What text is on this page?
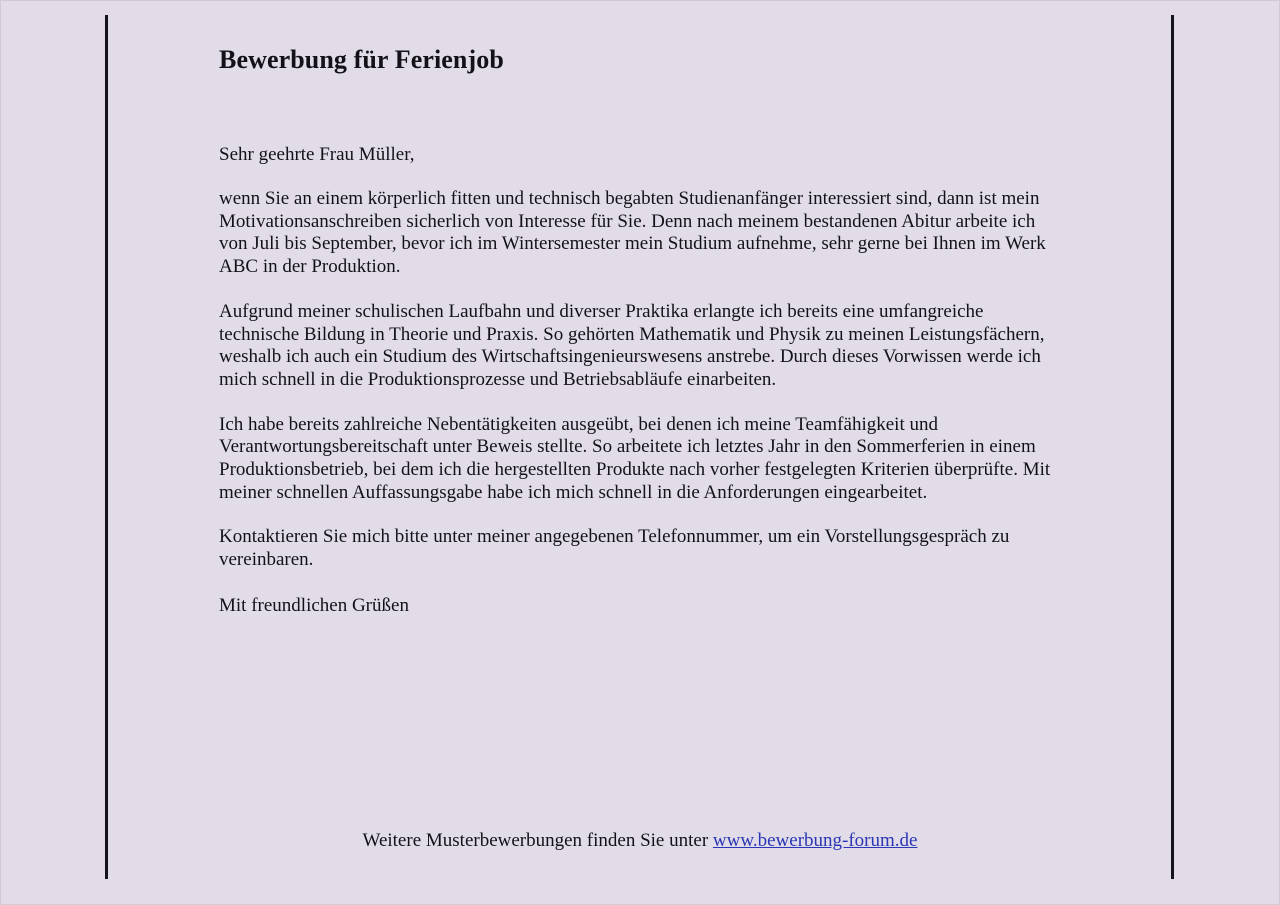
Bewerbung für Ferienjob
Sehr geehrte Frau Müller,

wenn Sie an einem körperlich fitten und technisch begabten Studienanfänger interessiert sind, dann ist mein Motivationsanschreiben sicherlich von Interesse für Sie. Denn nach meinem bestandenen Abitur arbeite ich von Juli bis September, bevor ich im Wintersemester mein Studium aufnehme, sehr gerne bei Ihnen im Werk ABC in der Produktion.

Aufgrund meiner schulischen Laufbahn und diverser Praktika erlangte ich bereits eine umfangreiche technische Bildung in Theorie und Praxis. So gehörten Mathematik und Physik zu meinen Leistungsfächern, weshalb ich auch ein Studium des Wirtschaftsingenieurswesens anstrebe. Durch dieses Vorwissen werde ich mich schnell in die Produktionsprozesse und Betriebsabläufe einarbeiten.

Ich habe bereits zahlreiche Nebentätigkeiten ausgeübt, bei denen ich meine Teamfähigkeit und Verantwortungsbereitschaft unter Beweis stellte. So arbeitete ich letztes Jahr in den Sommerferien in einem Produktionsbetrieb, bei dem ich die hergestellten Produkte nach vorher festgelegten Kriterien überprüfte. Mit meiner schnellen Auffassungsgabe habe ich mich schnell in die Anforderungen eingearbeitet.

Kontaktieren Sie mich bitte unter meiner angegebenen Telefonnummer, um ein Vorstellungsgespräch zu vereinbaren.

Mit freundlichen Grüßen
Weitere Musterbewerbungen finden Sie unter www.bewerbung-forum.de
